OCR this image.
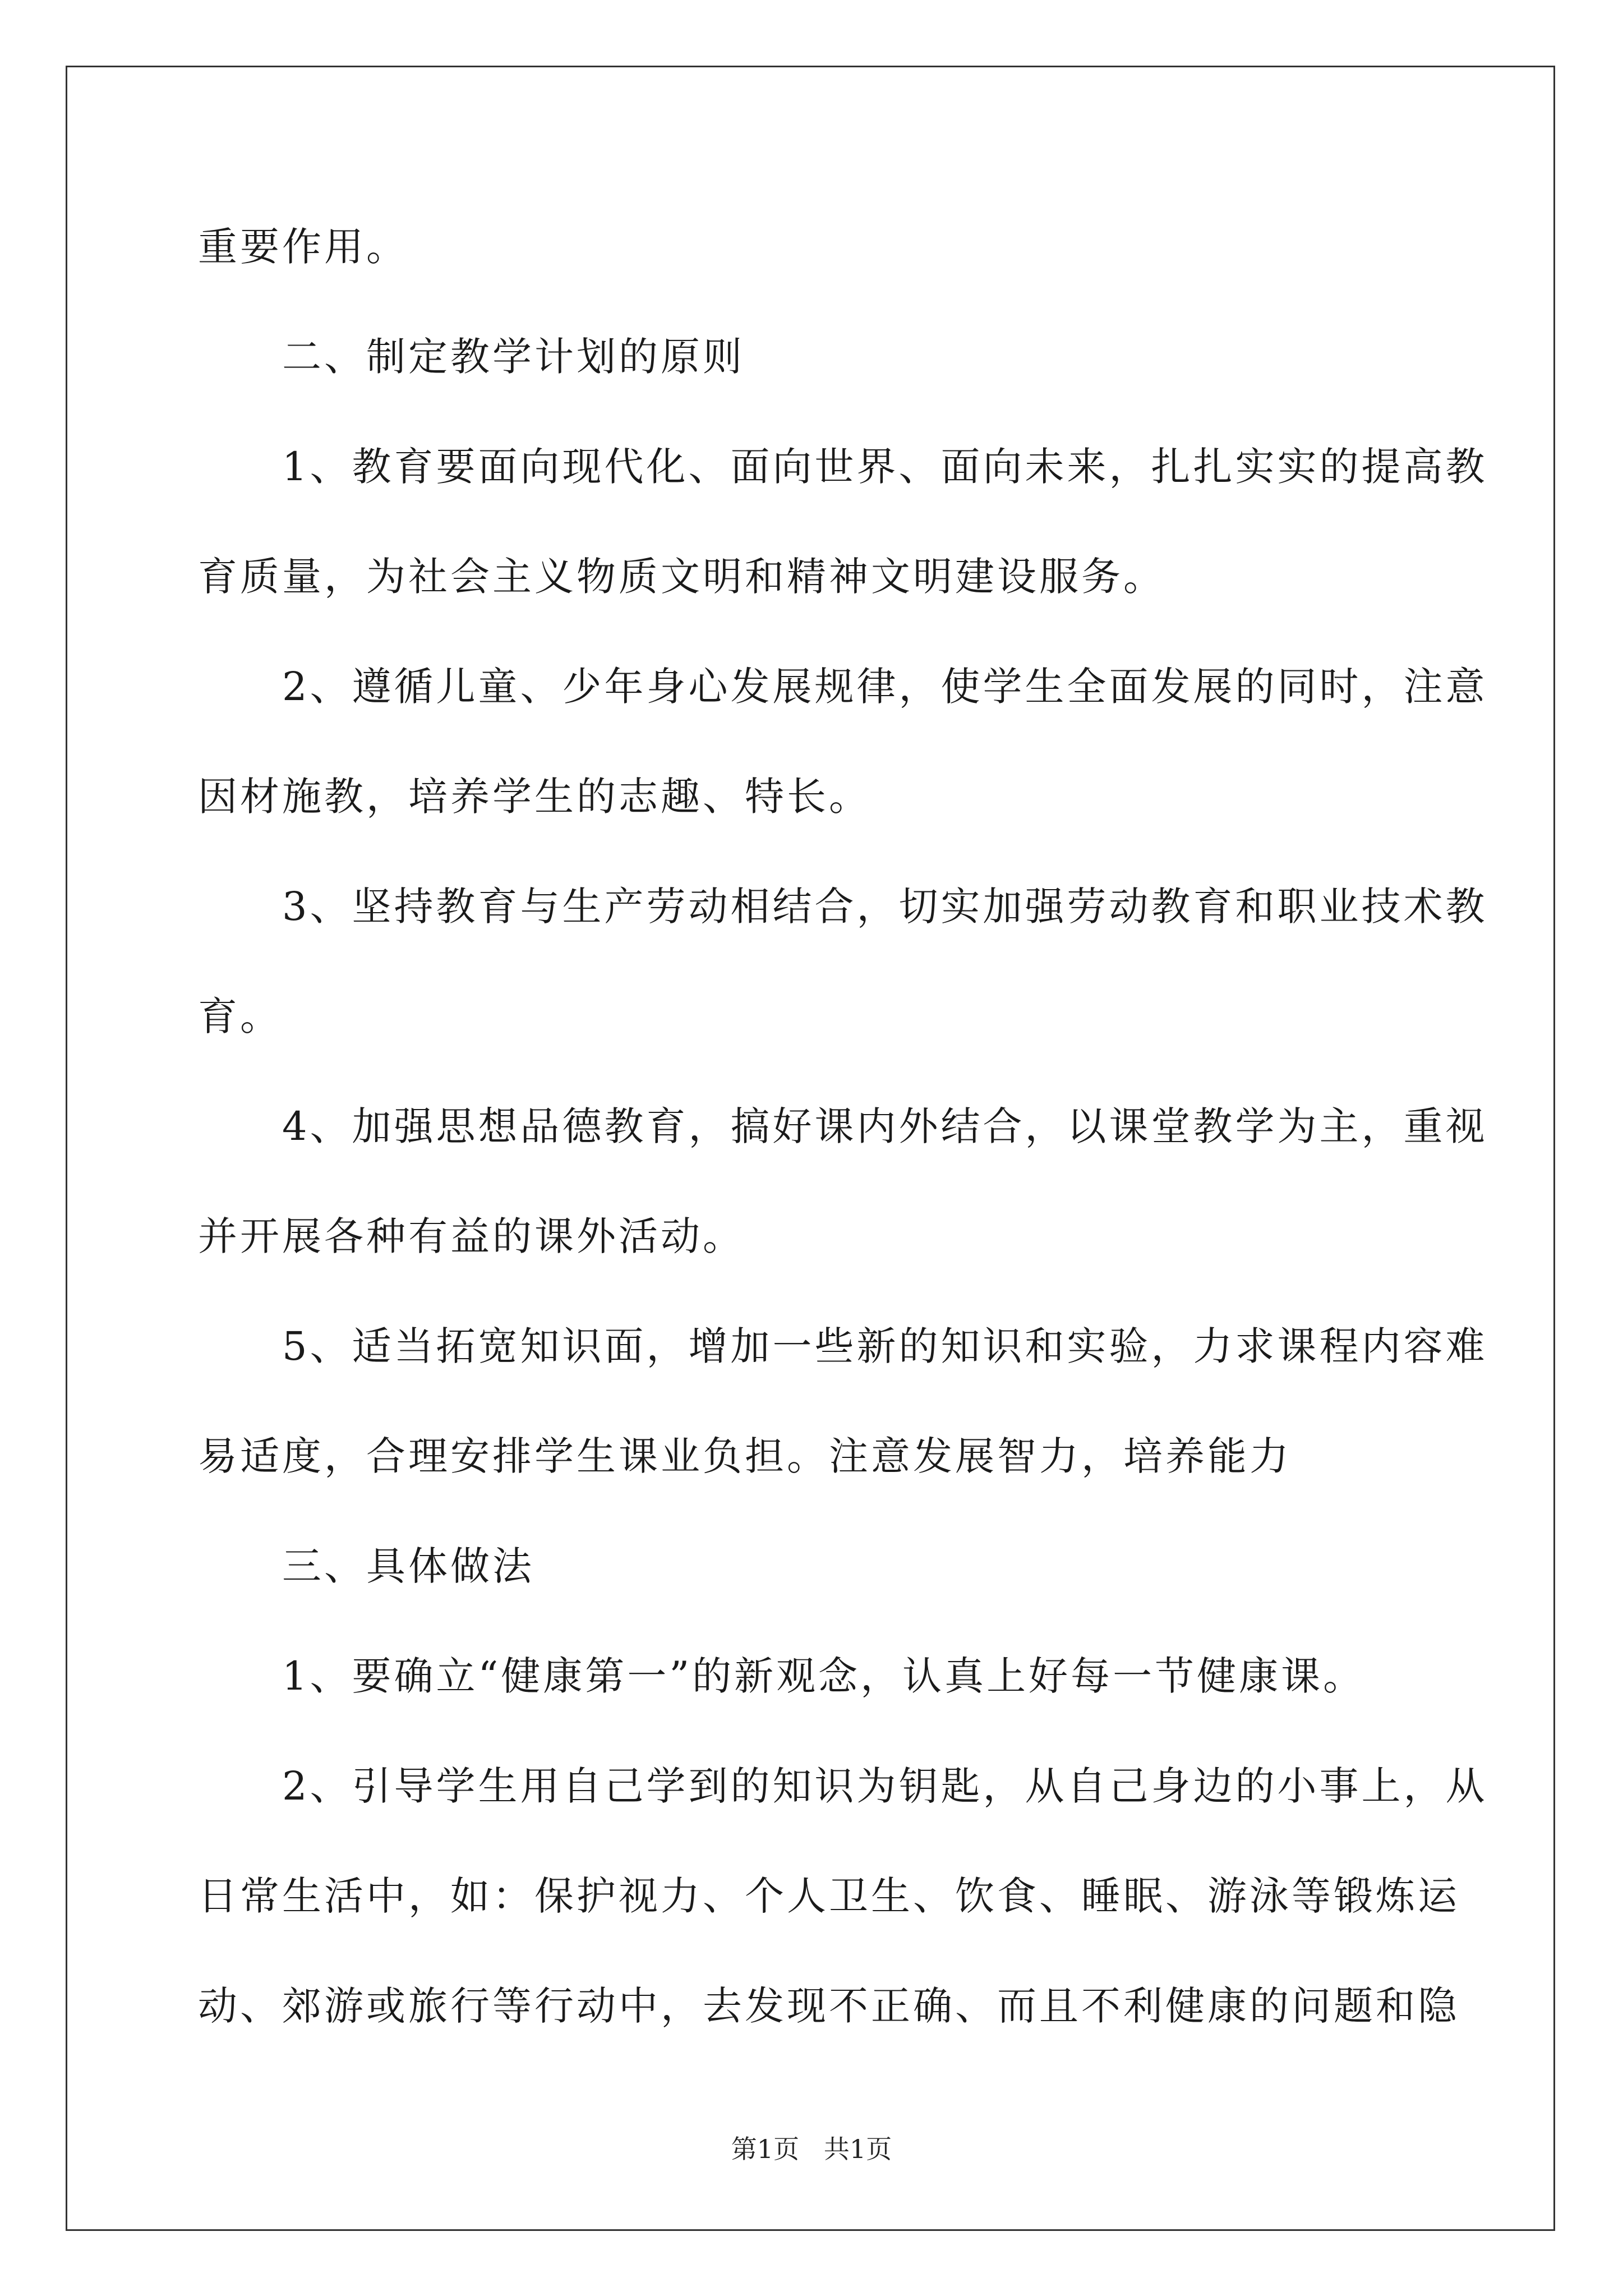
重要作用。
二、制定教学计划的原则
1、教育要面向现代化、面向世界、面向未来，扎扎实实的提高教
育质量，为社会主义物质文明和精神文明建设服务。
2、遵循儿童、少年身心发展规律，使学生全面发展的同时，注意
因材施教，培养学生的志趣、特长。
3、坚持教育与生产劳动相结合，切实加强劳动教育和职业技术教
育。
4、加强思想品德教育，搞好课内外结合，以课堂教学为主，重视
并开展各种有益的课外活动。
5、适当拓宽知识面，增加一些新的知识和实验，力求课程内容难
易适度，合理安排学生课业负担。注意发展智力，培养能力
三、具体做法
1、要确立“健康第一”的新观念，认真上好每一节健康课。
2、引导学生用自己学到的知识为钥匙，从自己身边的小事上，从
日常生活中，如：保护视力、个人卫生、饮食、睡眠、游泳等锻炼运
动、郊游或旅行等行动中，去发现不正确、而且不利健康的问题和隐
第1页   共1页
